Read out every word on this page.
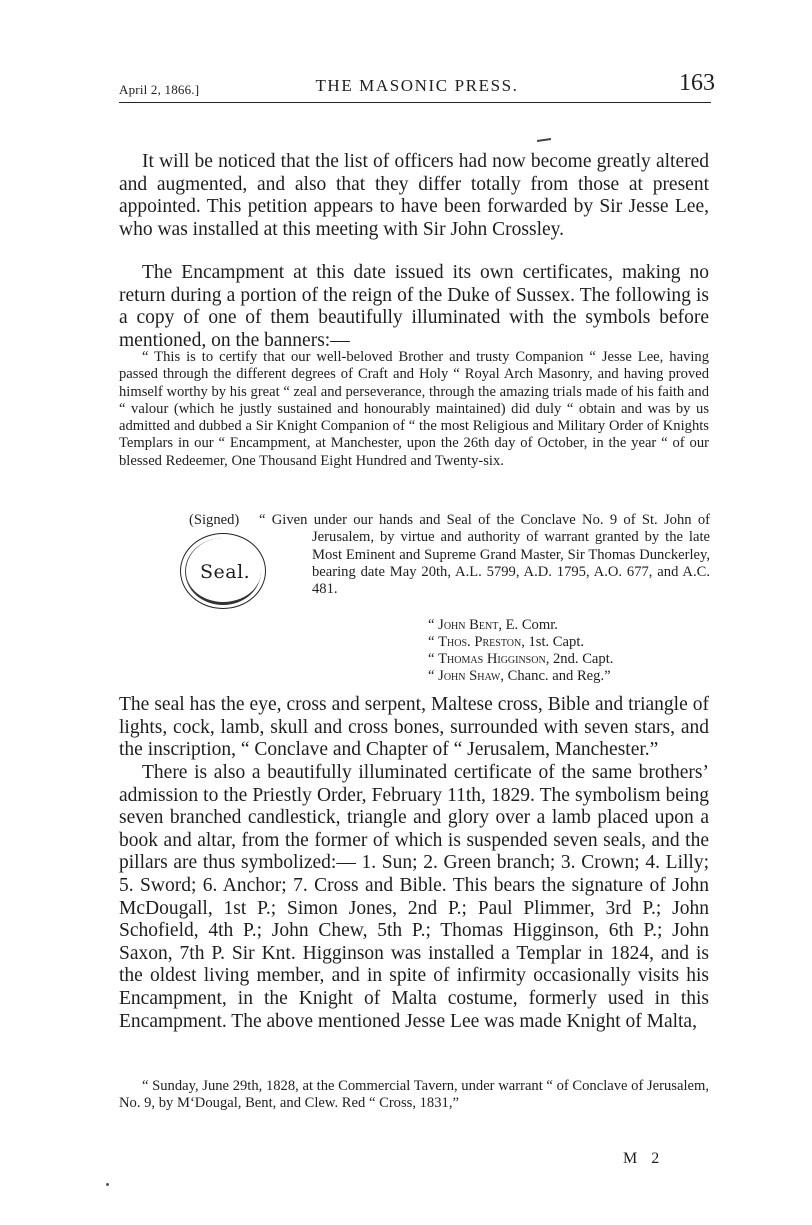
April 2, 1866.]	THE MASONIC PRESS.	163

It will be noticed that the list of officers had now become greatly altered and augmented, and also that they differ totally from those at present appointed. This petition appears to have been forwarded by Sir Jesse Lee, who was installed at this meeting with Sir John Crossley.

The Encampment at this date issued its own certificates, making no return during a portion of the reign of the Duke of Sussex. The following is a copy of one of them beautifully illuminated with the symbols before mentioned, on the banners:—

“ This is to certify that our well-beloved Brother and trusty Companion “ Jesse Lee, having passed through the different degrees of Craft and Holy “ Royal Arch Masonry, and having proved himself worthy by his great “ zeal and perseverance, through the amazing trials made of his faith and “ valour (which he justly sustained and honourably maintained) did duly “ obtain and was by us admitted and dubbed a Sir Knight Companion of “ the most Religious and Military Order of Knights Templars in our “ Encampment, at Manchester, upon the 26th day of October, in the year “ of our blessed Redeemer, One Thousand Eight Hundred and Twenty-six.

(Signed) “ Given under our hands and Seal of the Conclave No. 9 of St. John of Jerusalem, by virtue and authority of warrant granted by the late Most Eminent and Supreme Grand Master, Sir Thomas Dunckerley, bearing date May 20th, A.L. 5799, A.D. 1795, A.O. 677, and A.C. 481.

Seal.
“ John Bent, E. Comr.
“ Thos. Preston, 1st. Capt.
“ Thomas Higginson, 2nd. Capt.
“ John Shaw, Chanc. and Reg.”

The seal has the eye, cross and serpent, Maltese cross, Bible and triangle of lights, cock, lamb, skull and cross bones, surrounded with seven stars, and the inscription, “ Conclave and Chapter of “ Jerusalem, Manchester.”

There is also a beautifully illuminated certificate of the same brothers’ admission to the Priestly Order, February 11th, 1829. The symbolism being seven branched candlestick, triangle and glory over a lamb placed upon a book and altar, from the former of which is suspended seven seals, and the pillars are thus symbolized:— 1. Sun; 2. Green branch; 3. Crown; 4. Lilly; 5. Sword; 6. Anchor; 7. Cross and Bible. This bears the signature of John McDougall, 1st P.; Simon Jones, 2nd P.; Paul Plimmer, 3rd P.; John Schofield, 4th P.; John Chew, 5th P.; Thomas Higginson, 6th P.; John Saxon, 7th P. Sir Knt. Higginson was installed a Templar in 1824, and is the oldest living member, and in spite of infirmity occasionally visits his Encampment, in the Knight of Malta costume, formerly used in this Encampment. The above mentioned Jesse Lee was made Knight of Malta,

“ Sunday, June 29th, 1828, at the Commercial Tavern, under warrant “ of Conclave of Jerusalem, No. 9, by M‘Dougal, Bent, and Clew. Red “ Cross, 1831,”

M 2
